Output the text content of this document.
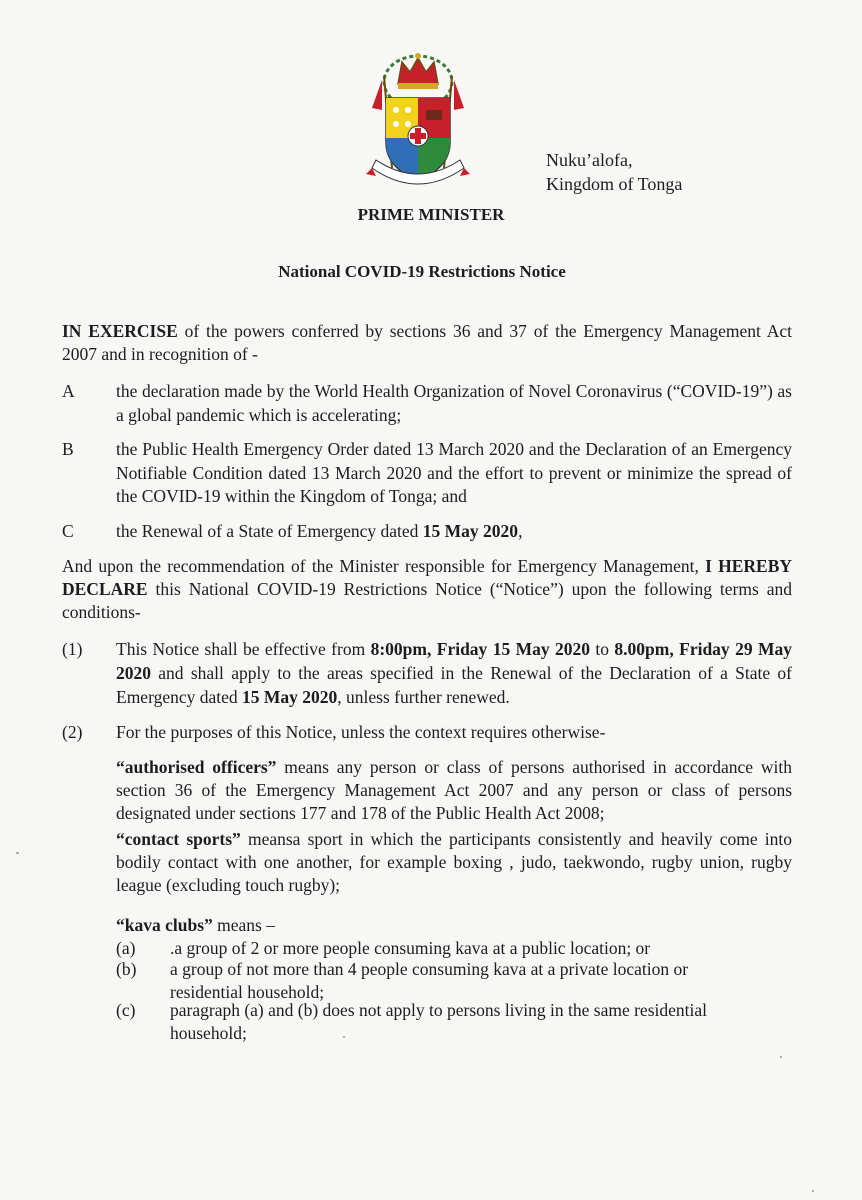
Nuku’alofa,
Kingdom of Tonga
PRIME MINISTER
National COVID-19 Restrictions Notice
IN EXERCISE of the powers conferred by sections 36 and 37 of the Emergency Management Act 2007 and in recognition of -
A	the declaration made by the World Health Organization of Novel Coronavirus (“COVID-19”) as a global pandemic which is accelerating;
B	the Public Health Emergency Order dated 13 March 2020 and the Declaration of an Emergency Notifiable Condition dated 13 March 2020 and the effort to prevent or minimize the spread of the COVID-19 within the Kingdom of Tonga; and
C	the Renewal of a State of Emergency dated 15 May 2020,
And upon the recommendation of the Minister responsible for Emergency Management, I HEREBY DECLARE this National COVID-19 Restrictions Notice (“Notice”) upon the following terms and conditions-
(1) This Notice shall be effective from 8:00pm, Friday 15 May 2020 to 8.00pm, Friday 29 May 2020 and shall apply to the areas specified in the Renewal of the Declaration of a State of Emergency dated 15 May 2020, unless further renewed.
(2) For the purposes of this Notice, unless the context requires otherwise-
“authorised officers” means any person or class of persons authorised in accordance with section 36 of the Emergency Management Act 2007 and any person or class of persons designated under sections 177 and 178 of the Public Health Act 2008;
“contact sports” meansa sport in which the participants consistently and heavily come into bodily contact with one another, for example boxing , judo, taekwondo, rugby union, rugby league (excluding touch rugby);
“kava clubs” means –
(a) .a group of 2 or more people consuming kava at a public location; or
(b) a group of not more than 4 people consuming kava at a private location or residential household;
(c) paragraph (a) and (b) does not apply to persons living in the same residential household;
